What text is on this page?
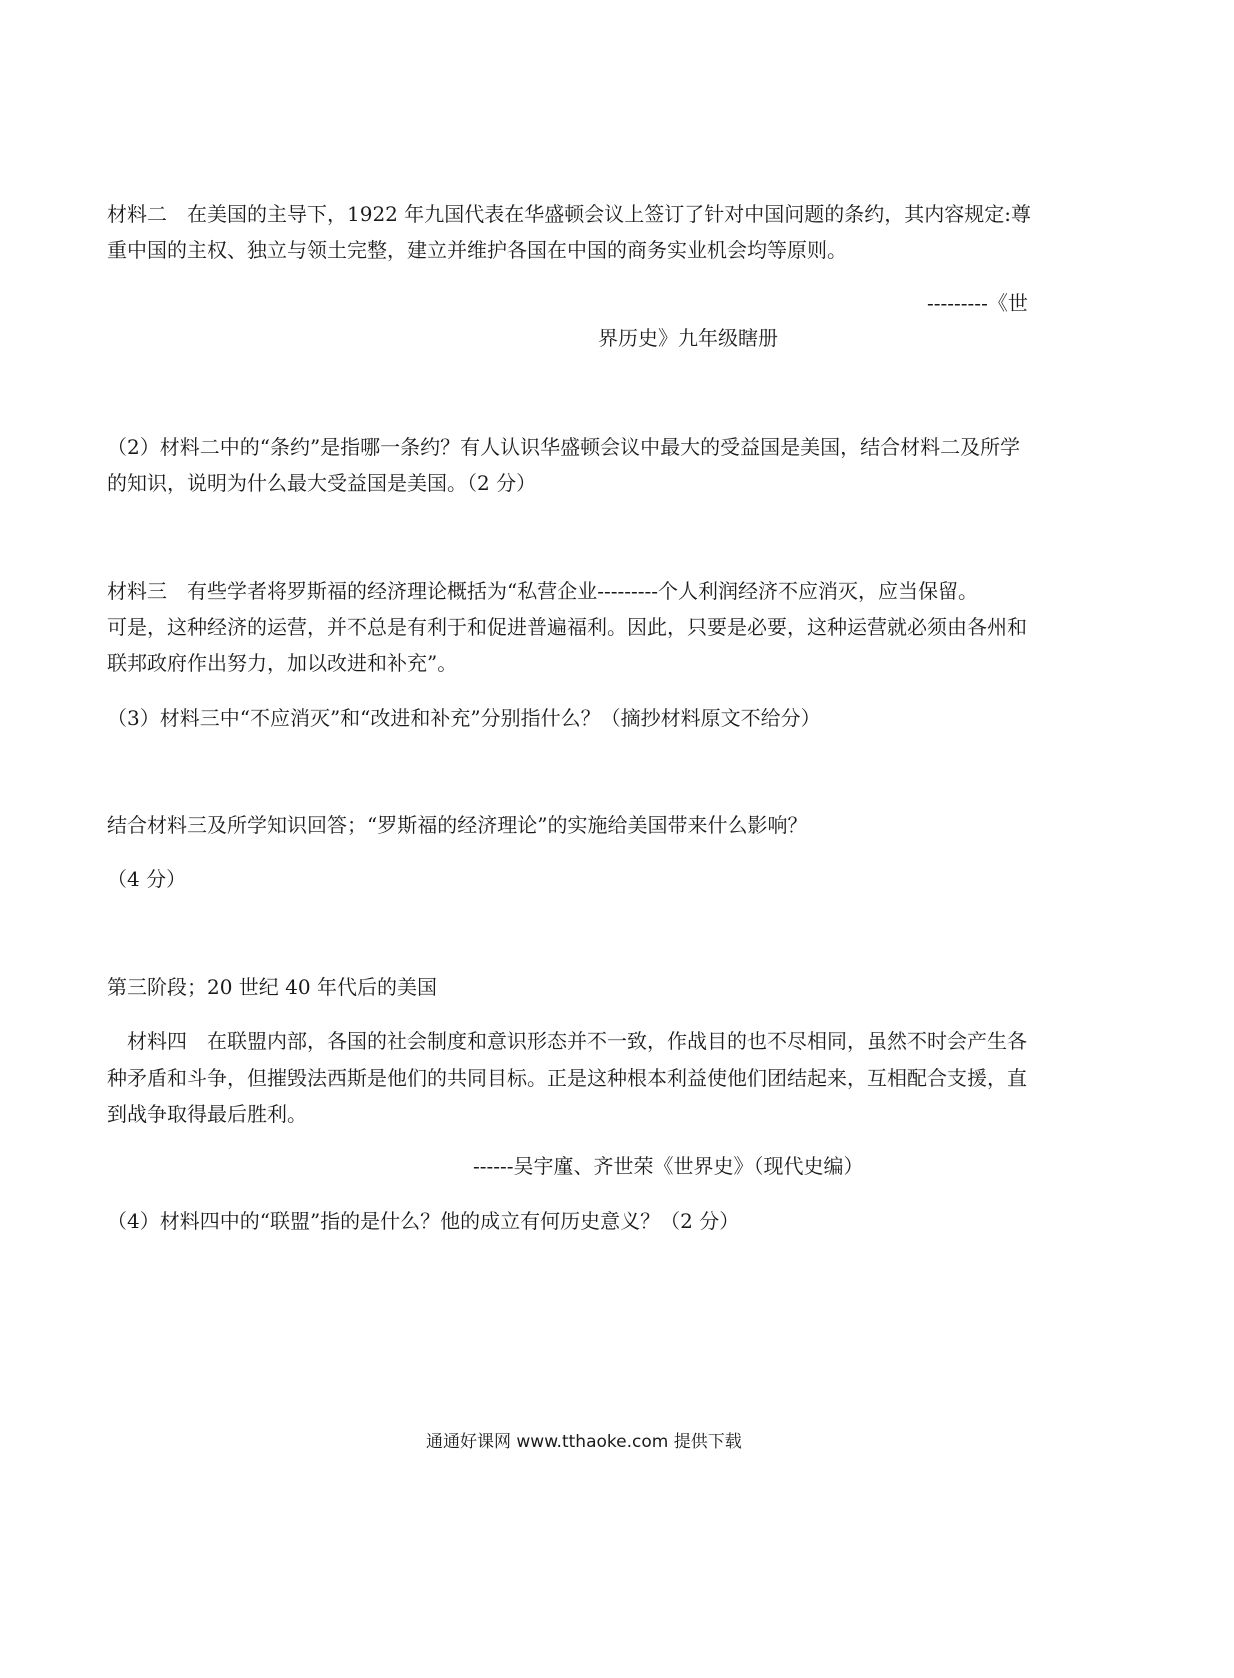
材料二　在美国的主导下，1922 年九国代表在华盛顿会议上签订了针对中国问题的条约，其内容规定:尊
重中国的主权、独立与领土完整，建立并维护各国在中国的商务实业机会均等原则。
---------《世
界历史》九年级瞎册
（2）材料二中的“条约”是指哪一条约？有人认识华盛顿会议中最大的受益国是美国，结合材料二及所学
的知识，说明为什么最大受益国是美国。（2 分）
材料三　有些学者将罗斯福的经济理论概括为“私营企业---------个人利润经济不应消灭，应当保留。
可是，这种经济的运营，并不总是有利于和促进普遍福利。因此，只要是必要，这种运营就必须由各州和
联邦政府作出努力，加以改进和补充”。
（3）材料三中“不应消灭”和“改进和补充”分别指什么？（摘抄材料原文不给分）
结合材料三及所学知识回答；“罗斯福的经济理论”的实施给美国带来什么影响？
（4 分）
第三阶段；20 世纪 40 年代后的美国
　材料四　在联盟内部，各国的社会制度和意识形态并不一致，作战目的也不尽相同，虽然不时会产生各
种矛盾和斗争，但摧毁法西斯是他们的共同目标。正是这种根本利益使他们团结起来，互相配合支援，直
到战争取得最后胜利。
------吴宇廑、齐世荣《世界史》（现代史编）
（4）材料四中的“联盟”指的是什么？他的成立有何历史意义？（2 分）
通通好课网 www.tthaoke.com 提供下载
